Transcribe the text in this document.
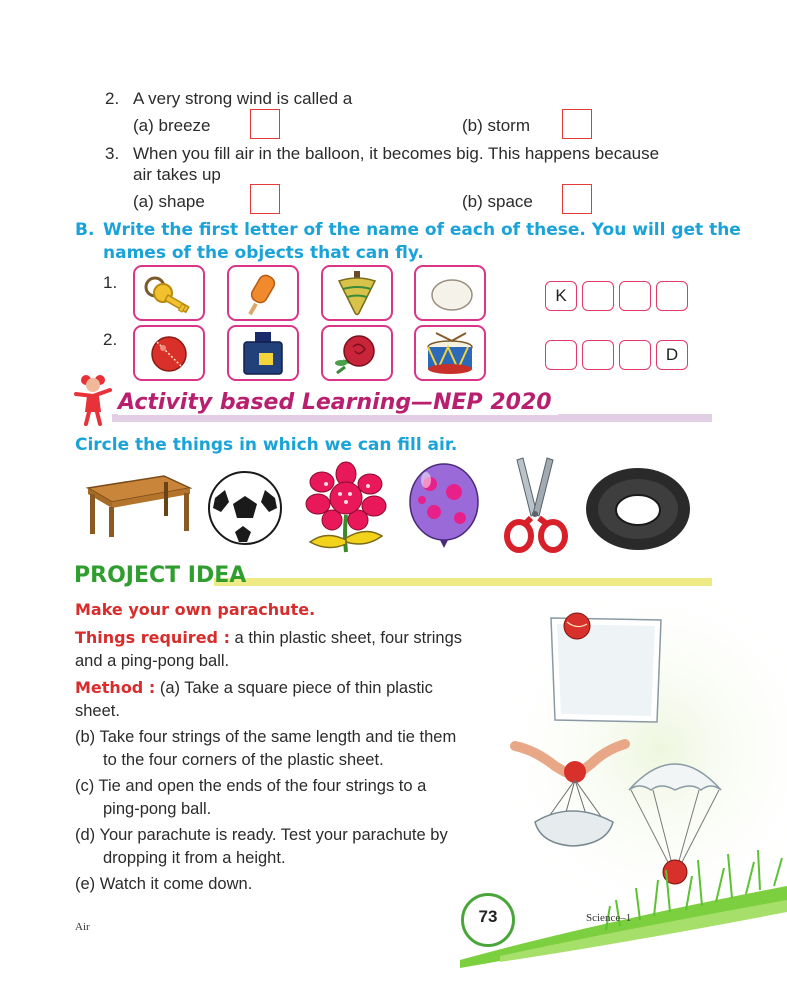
2. A very strong wind is called a
(a) breeze	(b) storm
3. When you fill air in the balloon, it becomes big. This happens because
air takes up
(a) shape	(b) space
B. Write the first letter of the name of each of these. You will get the
names of the objects that can fly.
1.
K
2.
D
Activity based Learning—NEP 2020
Circle the things in which we can fill air.
PROJECT IDEA
Make your own parachute.
Things required : a thin plastic sheet, four strings
and a ping-pong ball.
Method : (a) Take a square piece of thin plastic
sheet.
(b) Take four strings of the same length and tie them
to the four corners of the plastic sheet.
(c) Tie and open the ends of the four strings to a
ping-pong ball.
(d) Your parachute is ready. Test your parachute by
dropping it from a height.
(e) Watch it come down.
73	Science–1
Air
